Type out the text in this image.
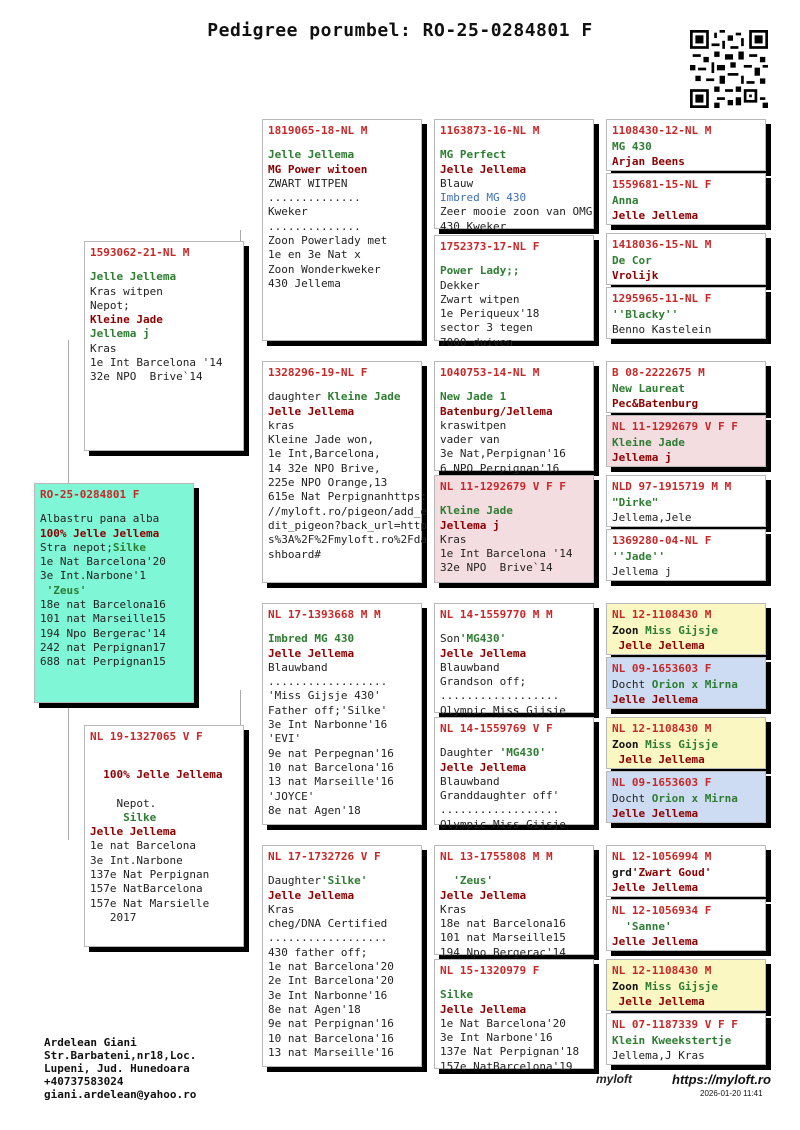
Pedigree porumbel: RO-25-0284801 F
RO-25-0284801 F
Albastru pana alba
100% Jelle Jellema
Stra nepot;Silke
1e Nat Barcelona'20
3e Int.Narbone'1
'Zeus'
18e nat Barcelona16
101 nat Marseille15
194 Npo Bergerac'14
242 nat Perpignan17
688 nat Perpignan15
1593062-21-NL M
Jelle Jellema
Kras witpen
Nepot;
Kleine Jade
Jellema j
Kras
1e Int Barcelona '14
32e NPO  Brive`14
NL 19-1327065 V F
100% Jelle Jellema
Nepot.
Silke
Jelle Jellema
1e nat Barcelona
3e Int.Narbone
137e Nat Perpignan
157e NatBarcelona
157e Nat Marsielle
2017
1819065-18-NL M
Jelle Jellema
MG Power witoen
ZWART WITPEN
..............
Kweker
..............
Zoon Powerlady met
1e en 3e Nat x
Zoon Wonderkweker
430 Jellema
1328296-19-NL F
daughter Kleine Jade
Jelle Jellema
kras
Kleine Jade won,
1e Int,Barcelona,
14 32e NPO Brive,
225e NPO Orange,13
615e Nat Perpignanhttps:
//myloft.ro/pigeon/add_e
dit_pigeon?back_url=http
s%3A%2F%2Fmyloft.ro%2Fda
shboard#
NL 17-1393668 M M
Imbred MG 430
Jelle Jellema
Blauwband
..................
'Miss Gijsje 430'
Father off;'Silke'
3e Int Narbonne'16
'EVI'
9e nat Perpegnan'16
10 nat Barcelona'16
13 nat Marseille'16
'JOYCE'
8e nat Agen'18
NL 17-1732726 V F
Daughter'Silke'
Jelle Jellema
Kras
cheg/DNA Certified
..................
430 father off;
1e nat Barcelona'20
2e Int Barcelona'20
3e Int Narbonne'16
8e nat Agen'18
9e nat Perpignan'16
10 nat Barcelona'16
13 nat Marseille'16
1163873-16-NL M
MG Perfect
Jelle Jellema
Blauw
Imbred MG 430
Zeer mooie zoon van OMG
430 Kweker
1752373-17-NL F
Power Lady;;
Dekker
Zwart witpen
1e Periqueux'18
sector 3 tegen
7000 duiven
1040753-14-NL M
New Jade 1
Batenburg/Jellema
kraswitpen
vader van
3e Nat,Perpignan'16
6 NPO Perpignan'16
NL 11-1292679 V F F
Kleine Jade
Jellema j
Kras
1e Int Barcelona '14
32e NPO  Brive`14
NL 14-1559770 M M
Son'MG430'
Jelle Jellema
Blauwband
Grandson off;
..................
Olympic Miss Gijsje
NL 14-1559769 V F
Daughter 'MG430'
Jelle Jellema
Blauwband
Granddaughter off'
..................
Olympic Miss Gijsje
NL 13-1755808 M M
'Zeus'
Jelle Jellema
Kras
18e nat Barcelona16
101 nat Marseille15
194 Npo Bergerac'14
NL 15-1320979 F
Silke
Jelle Jellema
1e Nat Barcelona'20
3e Int Narbone'16
137e Nat Perpignan'18
157e NatBarcelona'19
1108430-12-NL M
MG 430
Arjan Beens
1559681-15-NL F
Anna
Jelle Jellema
1418036-15-NL M
De Cor
Vrolijk
1295965-11-NL F
''Blacky''
Benno Kastelein
B 08-2222675 M
New Laureat
Pec&Batenburg
NL 11-1292679 V F F
Kleine Jade
Jellema j
NLD 97-1915719 M M
"Dirke"
Jellema,Jele
1369280-04-NL F
''Jade''
Jellema j
NL 12-1108430 M
Zoon Miss Gijsje
Jelle Jellema
NL 09-1653603 F
Docht Orion x Mirna
Jelle Jellema
NL 12-1108430 M
Zoon Miss Gijsje
Jelle Jellema
NL 09-1653603 F
Docht Orion x Mirna
Jelle Jellema
NL 12-1056994 M
grd'Zwart Goud'
Jelle Jellema
NL 12-1056934 F
'Sanne'
Jelle Jellema
NL 12-1108430 M
Zoon Miss Gijsje
Jelle Jellema
NL 07-1187339 V F F
Klein Kweekstertje
Jellema,J Kras
Ardelean Giani
Str.Barbateni,nr18,Loc.
Lupeni, Jud. Hunedoara
+40737583024
giani.ardelean@yahoo.ro
myloft	https://myloft.ro
2026-01-20 11:41
